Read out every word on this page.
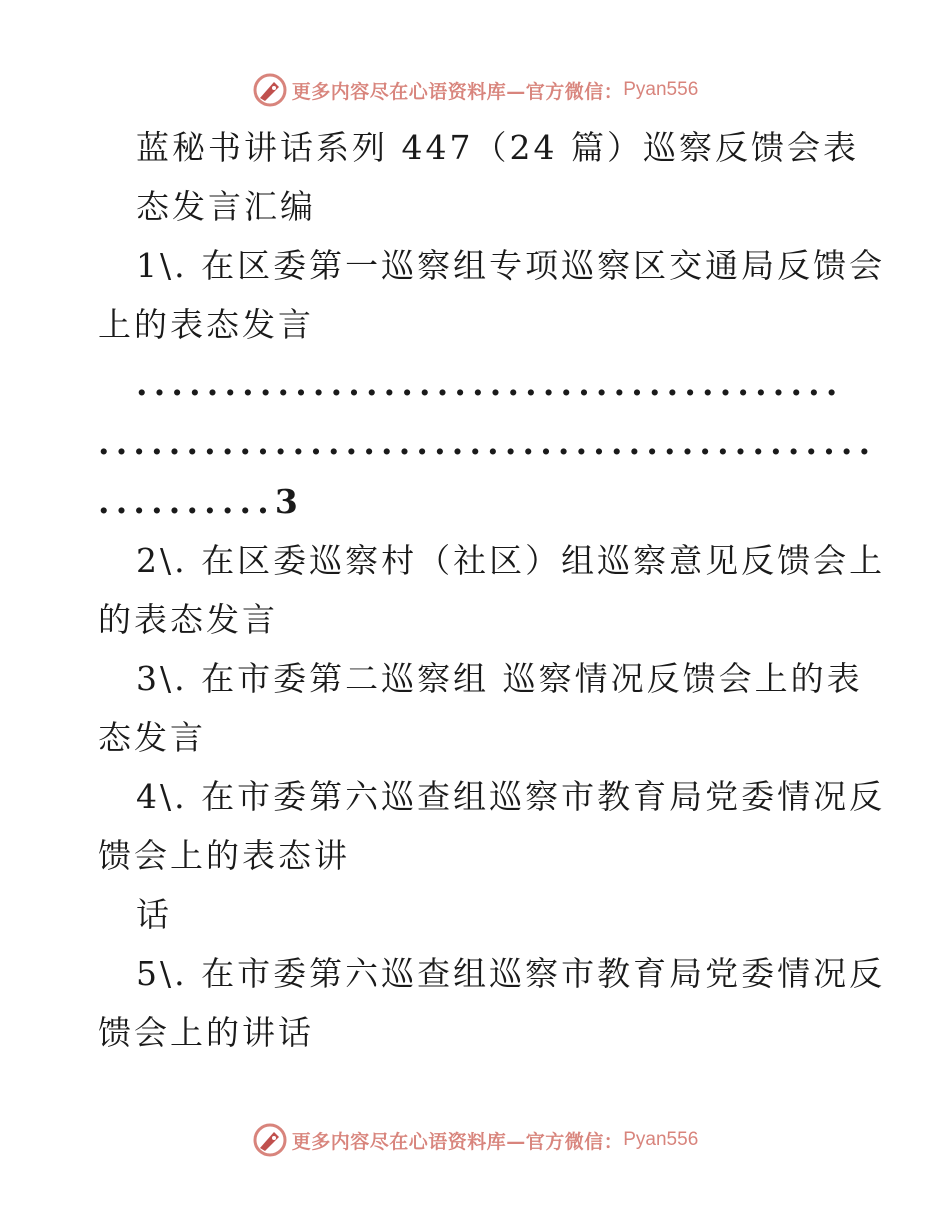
更多内容尽在心语资料库—官方微信： Pyan556
蓝秘书讲话系列 447（24 篇）巡察反馈会表
态发言汇编
1\. 在区委第一巡察组专项巡察区交通局反馈会
上的表态发言
........................................
............................................
..........3
2\. 在区委巡察村（社区）组巡察意见反馈会上
的表态发言
3\. 在市委第二巡察组 巡察情况反馈会上的表
态发言
4\. 在市委第六巡查组巡察市教育局党委情况反
馈会上的表态讲
话
5\. 在市委第六巡查组巡察市教育局党委情况反
馈会上的讲话
更多内容尽在心语资料库—官方微信： Pyan556
